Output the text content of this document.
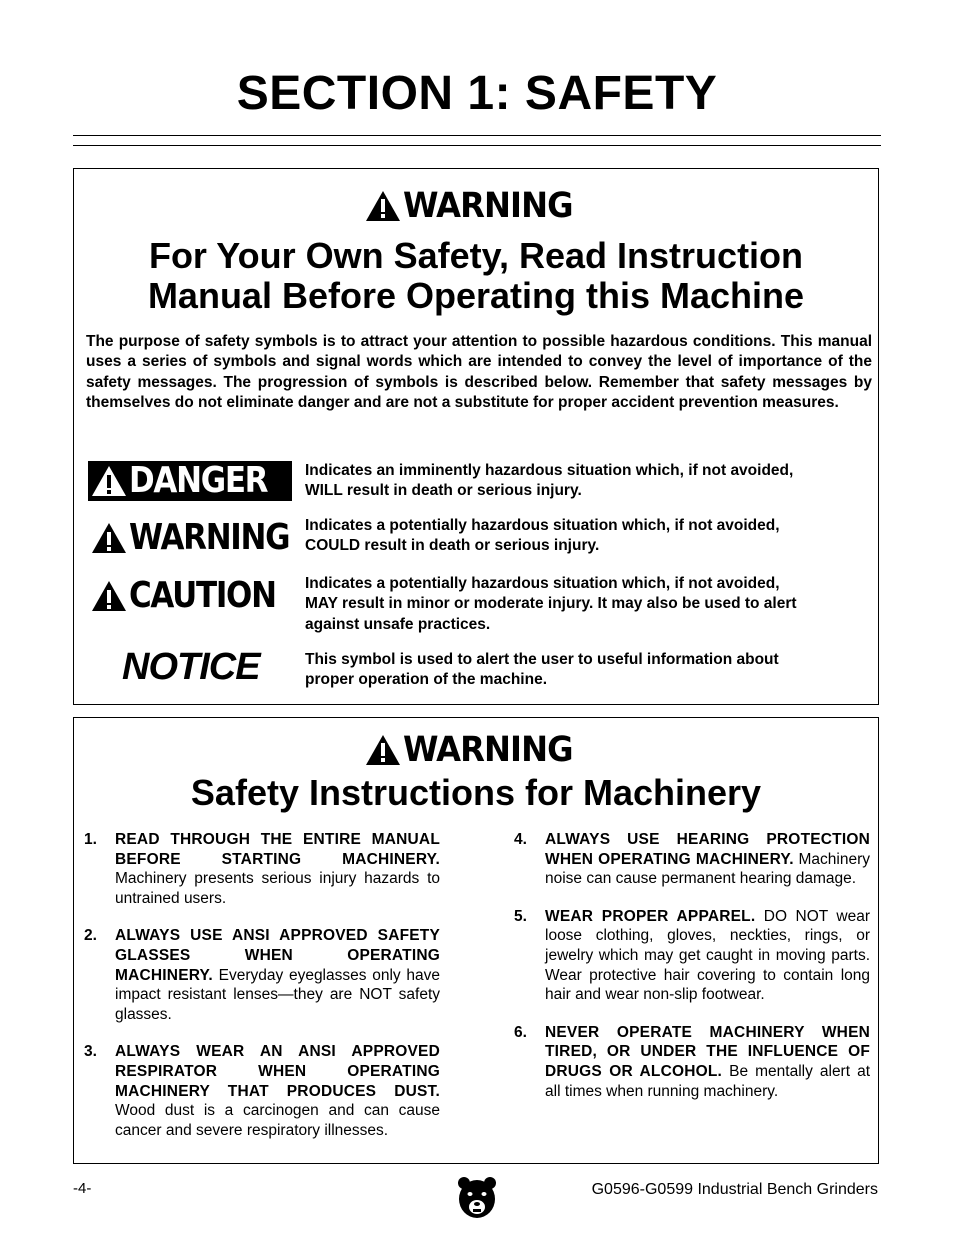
SECTION 1: SAFETY
WARNING
For Your Own Safety, Read Instruction
Manual Before Operating this Machine
The purpose of safety symbols is to attract your attention to possible hazardous conditions. This manual uses a series of symbols and signal words which are intended to convey the level of importance of the safety messages. The progression of symbols is described below. Remember that safety messages by themselves do not eliminate danger and are not a substitute for proper accident prevention measures.
DANGER Indicates an imminently hazardous situation which, if not avoided,
WILL result in death or serious injury.
WARNING Indicates a potentially hazardous situation which, if not avoided,
COULD result in death or serious injury.
CAUTION Indicates a potentially hazardous situation which, if not avoided,
MAY result in minor or moderate injury. It may also be used to alert
against unsafe practices.
NOTICE	This symbol is used to alert the user to useful information about
proper operation of the machine.
WARNING
Safety Instructions for Machinery
1. READ THROUGH THE ENTIRE MANUAL BEFORE STARTING MACHINERY. Machinery presents serious injury hazards to untrained users.
2. ALWAYS USE ANSI APPROVED SAFETY GLASSES WHEN OPERATING MACHINERY. Everyday eyeglasses only have impact resistant lenses—they are NOT safety glasses.
3. ALWAYS WEAR AN ANSI APPROVED RESPIRATOR WHEN OPERATING MACHINERY THAT PRODUCES DUST. Wood dust is a carcinogen and can cause cancer and severe respiratory illnesses.
4. ALWAYS USE HEARING PROTECTION WHEN OPERATING MACHINERY. Machinery noise can cause permanent hearing damage.
5. WEAR PROPER APPAREL. DO NOT wear loose clothing, gloves, neckties, rings, or jewelry which may get caught in moving parts. Wear protective hair covering to contain long hair and wear non-slip footwear.
6. NEVER OPERATE MACHINERY WHEN TIRED, OR UNDER THE INFLUENCE OF DRUGS OR ALCOHOL. Be mentally alert at all times when running machinery.
-4-	G0596-G0599 Industrial Bench Grinders
